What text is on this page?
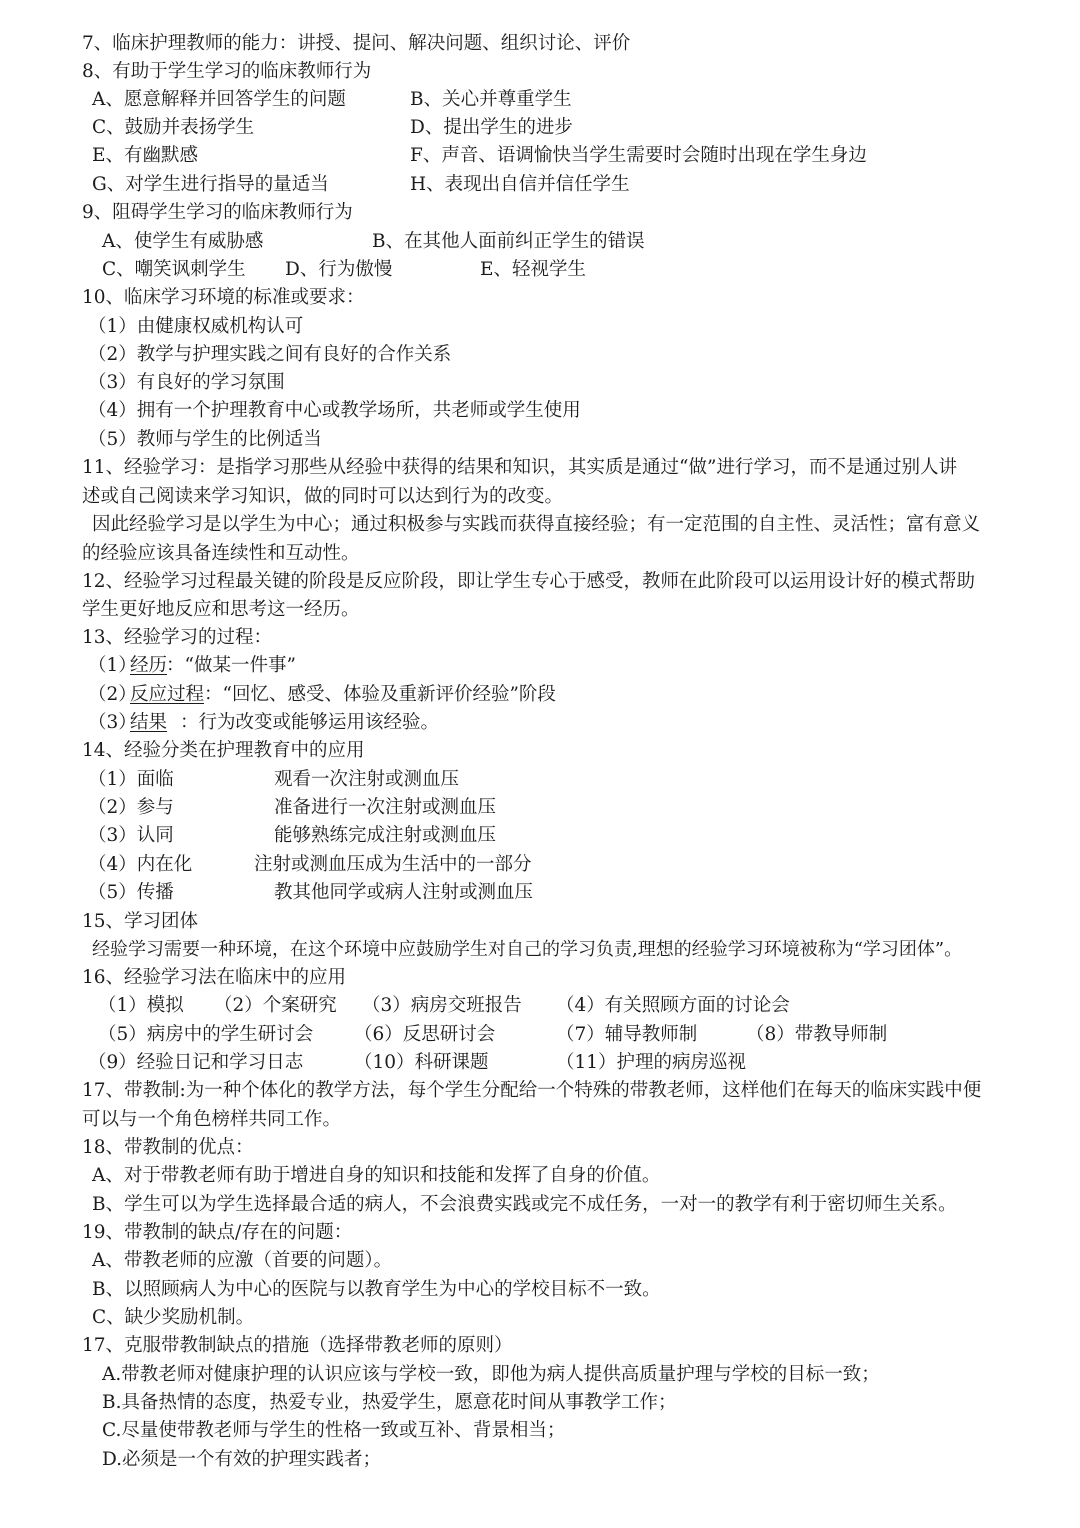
7、临床护理教师的能力：讲授、提问、解决问题、组织讨论、评价
8、有助于学生学习的临床教师行为
A、愿意解释并回答学生的问题	B、关心并尊重学生
C、鼓励并表扬学生	D、提出学生的进步
E、有幽默感	F、声音、语调愉快当学生需要时会随时出现在学生身边
G、对学生进行指导的量适当	H、表现出自信并信任学生
9、阻碍学生学习的临床教师行为
A、使学生有威胁感	B、在其他人面前纠正学生的错误
C、嘲笑讽刺学生 D、行为傲慢	E、轻视学生
10、临床学习环境的标准或要求：
（1）由健康权威机构认可
（2）教学与护理实践之间有良好的合作关系
（3）有良好的学习氛围
（4）拥有一个护理教育中心或教学场所，共老师或学生使用
（5）教师与学生的比例适当
11、经验学习：是指学习那些从经验中获得的结果和知识，其实质是通过“做”进行学习，而不是通过别人讲
述或自己阅读来学习知识，做的同时可以达到行为的改变。
因此经验学习是以学生为中心；通过积极参与实践而获得直接经验；有一定范围的自主性、灵活性；富有意义
的经验应该具备连续性和互动性。
12、经验学习过程最关键的阶段是反应阶段，即让学生专心于感受，教师在此阶段可以运用设计好的模式帮助
学生更好地反应和思考这一经历。
13、经验学习的过程：
（1）
经历
：“做某一件事”
（2）
反应过程 ：“回忆、感受、体验及重新评价经验”阶段
（3）
结果 ：行为改变或能够运用该经验。
14、经验分类在护理教育中的应用
（1）面临	观看一次注射或测血压
（2）参与	准备进行一次注射或测血压
（3）认同	能够熟练完成注射或测血压
（4）内在化	注射或测血压成为生活中的一部分
（5）传播	教其他同学或病人注射或测血压
15、学习团体
经验学习需要一种环境，在这个环境中应鼓励学生对自己的学习负责,理想的经验学习环境被称为“学习团体”。
16、经验学习法在临床中的应用
（1）模拟 （2）个案研究 （3）病房交班报告 （4）有关照顾方面的讨论会
（5）病房中的学生研讨会 （6）反思研讨会	（7）辅导教师制	（8）带教导师制
（9）经验日记和学习日志	（10）科研课题	（11）护理的病房巡视
17、带教制:为一种个体化的教学方法，每个学生分配给一个特殊的带教老师，这样他们在每天的临床实践中便
可以与一个角色榜样共同工作。
18、带教制的优点：
A、对于带教老师有助于增进自身的知识和技能和发挥了自身的价值。
B、学生可以为学生选择最合适的病人，不会浪费实践或完不成任务，一对一的教学有利于密切师生关系。
19、带教制的缺点/存在的问题：
A、带教老师的应激（首要的问题）。
B、以照顾病人为中心的医院与以教育学生为中心的学校目标不一致。
C、缺少奖励机制。
17、克服带教制缺点的措施（选择带教老师的原则）
A.带教老师对健康护理的认识应该与学校一致，即他为病人提供高质量护理与学校的目标一致；
B.具备热情的态度，热爱专业，热爱学生，愿意花时间从事教学工作；
C.尽量使带教老师与学生的性格一致或互补、背景相当；
D.必须是一个有效的护理实践者；
